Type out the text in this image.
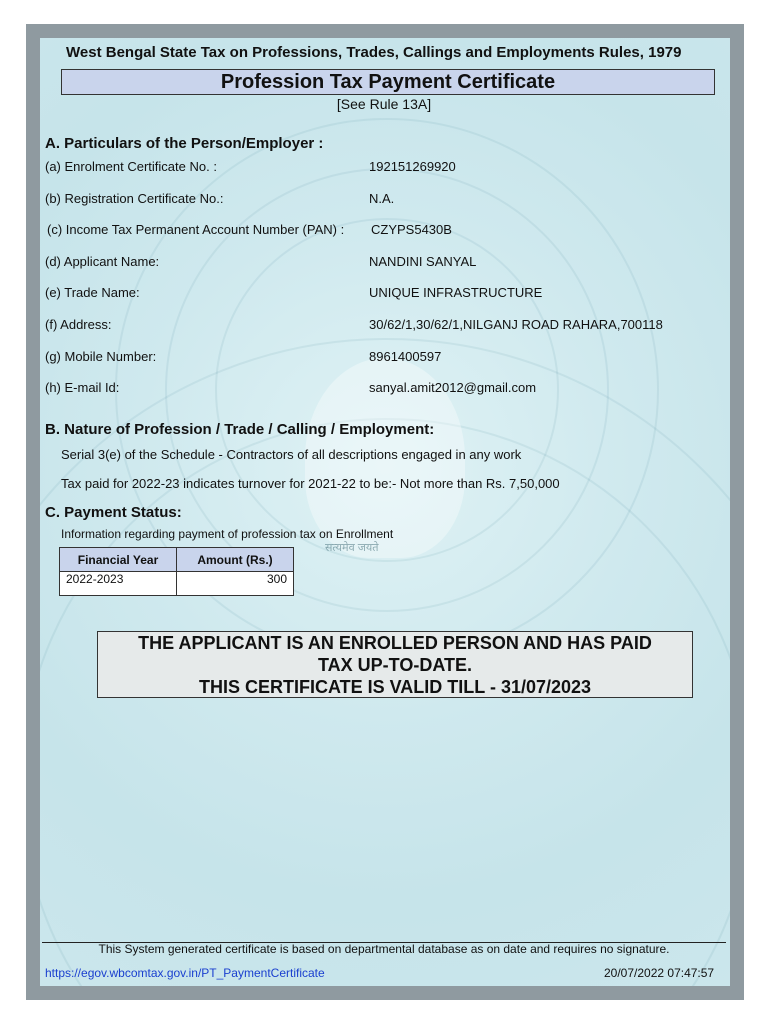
सत्यमेव जयते
West Bengal State Tax on Professions, Trades, Callings and Employments Rules, 1979
Profession Tax Payment Certificate
[See Rule 13A]
A. Particulars of the Person/Employer :
(a) Enrolment Certificate No. :	192151269920
(b) Registration Certificate No.:	N.A.
(c) Income Tax Permanent Account Number (PAN) : CZYPS5430B
(d) Applicant Name:	NANDINI SANYAL
(e) Trade Name:	UNIQUE INFRASTRUCTURE
(f) Address:	30/62/1,30/62/1,NILGANJ ROAD RAHARA,700118
(g) Mobile Number:	8961400597
(h) E-mail Id:	sanyal.amit2012@gmail.com
B. Nature of Profession / Trade / Calling / Employment:
Serial 3(e) of the Schedule - Contractors of all descriptions engaged in any work
Tax paid for 2022-23 indicates turnover for 2021-22 to be:- Not more than Rs. 7,50,000
C. Payment Status:
Information regarding payment of profession tax on Enrollment
Financial Year	Amount (Rs.)
2022-2023	300
THE APPLICANT IS AN ENROLLED PERSON AND HAS PAID
TAX UP-TO-DATE.
THIS CERTIFICATE IS VALID TILL - 31/07/2023
This System generated certificate is based on departmental database as on date and requires no signature.
https://egov.wbcomtax.gov.in/PT_PaymentCertificate	20/07/2022 07:47:57
